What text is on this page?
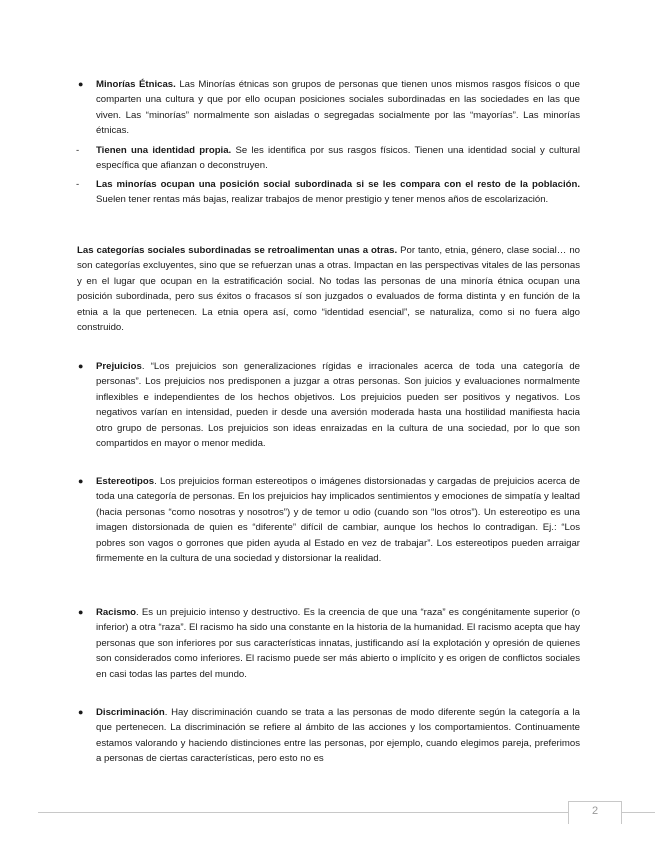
● Minorías Étnicas. Las Minorías étnicas son grupos de personas que tienen unos mismos rasgos físicos o que comparten una cultura y que por ello ocupan posiciones sociales subordinadas en las sociedades en las que viven. Las “minorías” normalmente son aisladas o segregadas socialmente por las “mayorías”. Las minorías étnicas.

- Tienen una identidad propia. Se les identifica por sus rasgos físicos. Tienen una identidad social y cultural específica que afianzan o deconstruyen.

- Las minorías ocupan una posición social subordinada si se les compara con el resto de la población. Suelen tener rentas más bajas, realizar trabajos de menor prestigio y tener menos años de escolarización.

Las categorías sociales subordinadas se retroalimentan unas a otras. Por tanto, etnia, género, clase social… no son categorías excluyentes, sino que se refuerzan unas a otras. Impactan en las perspectivas vitales de las personas y en el lugar que ocupan en la estratificación social. No todas las personas de una minoría étnica ocupan una posición subordinada, pero sus éxitos o fracasos sí son juzgados o evaluados de forma distinta y en función de la etnia a la que pertenecen. La etnia opera así, como “identidad esencial”, se naturaliza, como si no fuera algo construido.

● Prejuicios. “Los prejuicios son generalizaciones rígidas e irracionales acerca de toda una categoría de personas”. Los prejuicios nos predisponen a juzgar a otras personas. Son juicios y evaluaciones normalmente inflexibles e independientes de los hechos objetivos. Los prejuicios pueden ser positivos y negativos. Los negativos varían en intensidad, pueden ir desde una aversión moderada hasta una hostilidad manifiesta hacia otro grupo de personas. Los prejuicios son ideas enraizadas en la cultura de una sociedad, por lo que son compartidos en mayor o menor medida.

● Estereotipos. Los prejuicios forman estereotipos o imágenes distorsionadas y cargadas de prejuicios acerca de toda una categoría de personas. En los prejuicios hay implicados sentimientos y emociones de simpatía y lealtad (hacia personas “como nosotras y nosotros”) y de temor u odio (cuando son “los otros”). Un estereotipo es una imagen distorsionada de quien es “diferente” difícil de cambiar, aunque los hechos lo contradigan. Ej.: “Los pobres son vagos o gorrones que piden ayuda al Estado en vez de trabajar”. Los estereotipos pueden arraigar firmemente en la cultura de una sociedad y distorsionar la realidad.

● Racismo. Es un prejuicio intenso y destructivo. Es la creencia de que una “raza” es congénitamente superior (o inferior) a otra “raza”. El racismo ha sido una constante en la historia de la humanidad. El racismo acepta que hay personas que son inferiores por sus características innatas, justificando así la explotación y opresión de quienes son considerados como inferiores. El racismo puede ser más abierto o implícito y es origen de conflictos sociales en casi todas las partes del mundo.

● Discriminación. Hay discriminación cuando se trata a las personas de modo diferente según la categoría a la que pertenecen. La discriminación se refiere al ámbito de las acciones y los comportamientos. Continuamente estamos valorando y haciendo distinciones entre las personas, por ejemplo, cuando elegimos pareja, preferimos a personas de ciertas características, pero esto no es

2
